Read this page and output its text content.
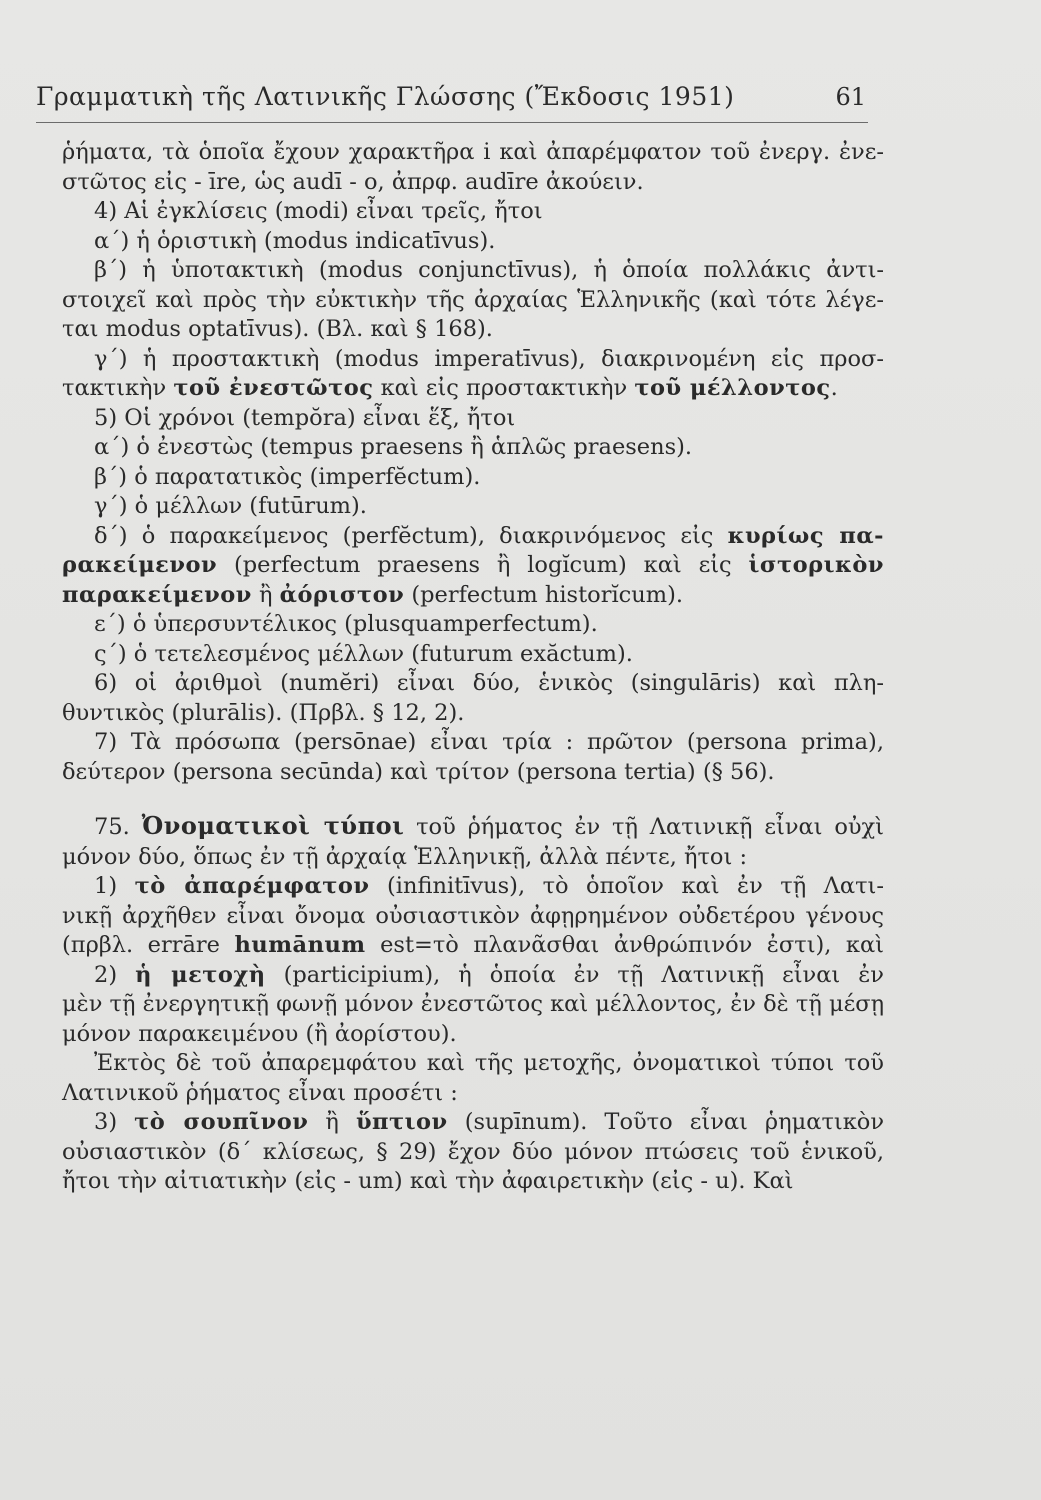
Γραμματικὴ τῆς Λατινικῆς Γλώσσης (Ἔκδοσις 1951)	61
ῥήματα, τὰ ὁποῖα ἔχουν χαρακτῆρα i καὶ ἀπαρέμφατον τοῦ ἐνεργ. ἐνε-
στῶτος εἰς - īre, ὡς audī - o, ἀπρφ. audīre ἀκούειν.
4) Αἱ ἐγκλίσεις (modi) εἶναι τρεῖς, ἤτοι
α΄) ἡ ὁριστικὴ (modus indicatīvus).
β΄) ἡ ὑποτακτικὴ (modus conjunctīvus), ἡ ὁποία πολλάκις ἀντι-
στοιχεῖ καὶ πρὸς τὴν εὐκτικὴν τῆς ἀρχαίας Ἑλληνικῆς (καὶ τότε λέγε-
ται modus optatīvus). (Βλ. καὶ § 168).
γ΄) ἡ προστακτικὴ (modus imperatīvus), διακρινομένη εἰς προσ-
τακτικὴν τοῦ ἐνεστῶτος καὶ εἰς προστακτικὴν τοῦ μέλλοντος.
5) Οἱ χρόνοι (tempŏra) εἶναι ἕξ, ἤτοι
α΄) ὁ ἐνεστὼς (tempus praesens ἢ ἁπλῶς praesens).
β΄) ὁ παρατατικὸς (imperfĕctum).
γ΄) ὁ μέλλων (futūrum).
δ΄) ὁ παρακείμενος (perfĕctum), διακρινόμενος εἰς κυρίως πα-
ρακείμενον (perfectum praesens ἢ logĭcum) καὶ εἰς ἱστορικὸν
παρακείμενον ἢ ἀόριστον (perfectum historĭcum).
ε΄) ὁ ὑπερσυντέλικος (plusquamperfectum).
ς΄) ὁ τετελεσμένος μέλλων (futurum exăctum).
6) οἱ ἀριθμοὶ (numĕri) εἶναι δύο, ἑνικὸς (singulāris) καὶ πλη-
θυντικὸς (plurālis). (Πρβλ. § 12, 2).
7) Τὰ πρόσωπα (persōnae) εἶναι τρία : πρῶτον (persona prima),
δεύτερον (persona secūnda) καὶ τρίτον (persona tertia) (§ 56).
75. Ὀνοματικοὶ τύποι τοῦ ῥήματος ἐν τῇ Λατινικῇ εἶναι οὐχὶ
μόνον δύο, ὅπως ἐν τῇ ἀρχαίᾳ Ἑλληνικῇ, ἀλλὰ πέντε, ἤτοι :
1) τὸ ἀπαρέμφατον (infinitīvus), τὸ ὁποῖον καὶ ἐν τῇ Λατι-
νικῇ ἀρχῆθεν εἶναι ὄνομα οὐσιαστικὸν ἀφῃρημένον οὐδετέρου γένους
(πρβλ. errāre humānum est=τὸ πλανᾶσθαι ἀνθρώπινόν ἐστι), καὶ
2) ἡ μετοχὴ (participium), ἡ ὁποία ἐν τῇ Λατινικῇ εἶναι ἐν
μὲν τῇ ἐνεργητικῇ φωνῇ μόνον ἐνεστῶτος καὶ μέλλοντος, ἐν δὲ τῇ μέσῃ
μόνον παρακειμένου (ἢ ἀορίστου).
Ἐκτὸς δὲ τοῦ ἀπαρεμφάτου καὶ τῆς μετοχῆς, ὀνοματικοὶ τύποι τοῦ
Λατινικοῦ ῥήματος εἶναι προσέτι :
3) τὸ σουπῖνον ἢ ὕπτιον (supīnum). Τοῦτο εἶναι ῥηματικὸν
οὐσιαστικὸν (δ΄ κλίσεως, § 29) ἔχον δύο μόνον πτώσεις τοῦ ἑνικοῦ,
ἤτοι τὴν αἰτιατικὴν (εἰς - um) καὶ τὴν ἀφαιρετικὴν (εἰς - u). Καὶ
